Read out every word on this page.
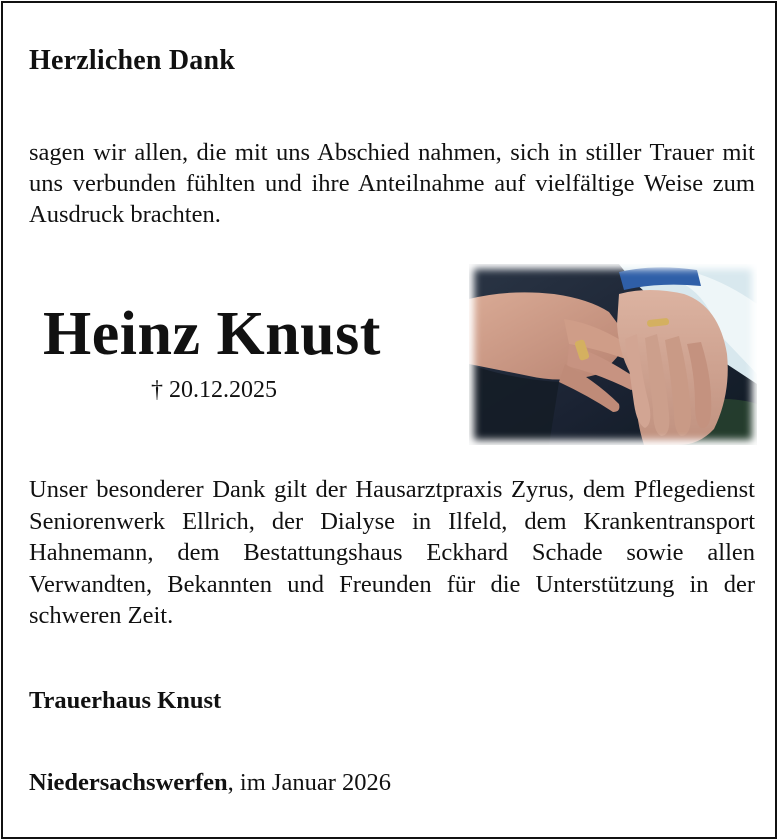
Herzlichen Dank
sagen wir allen, die mit uns Abschied nahmen, sich in stiller Trauer mit uns verbunden fühlten und ihre Anteilnahme auf vielfältige Weise zum Ausdruck brachten.
Heinz Knust
† 20.12.2025
Unser besonderer Dank gilt der Hausarztpraxis Zyrus, dem Pflegedienst Seniorenwerk Ellrich, der Dialyse in Ilfeld, dem Krankentransport Hahnemann, dem Bestattungshaus Eckhard Schade sowie allen Verwandten, Bekannten und Freunden für die Unterstützung in der schweren Zeit.
Trauerhaus Knust
Niedersachswerfen, im Januar 2026
